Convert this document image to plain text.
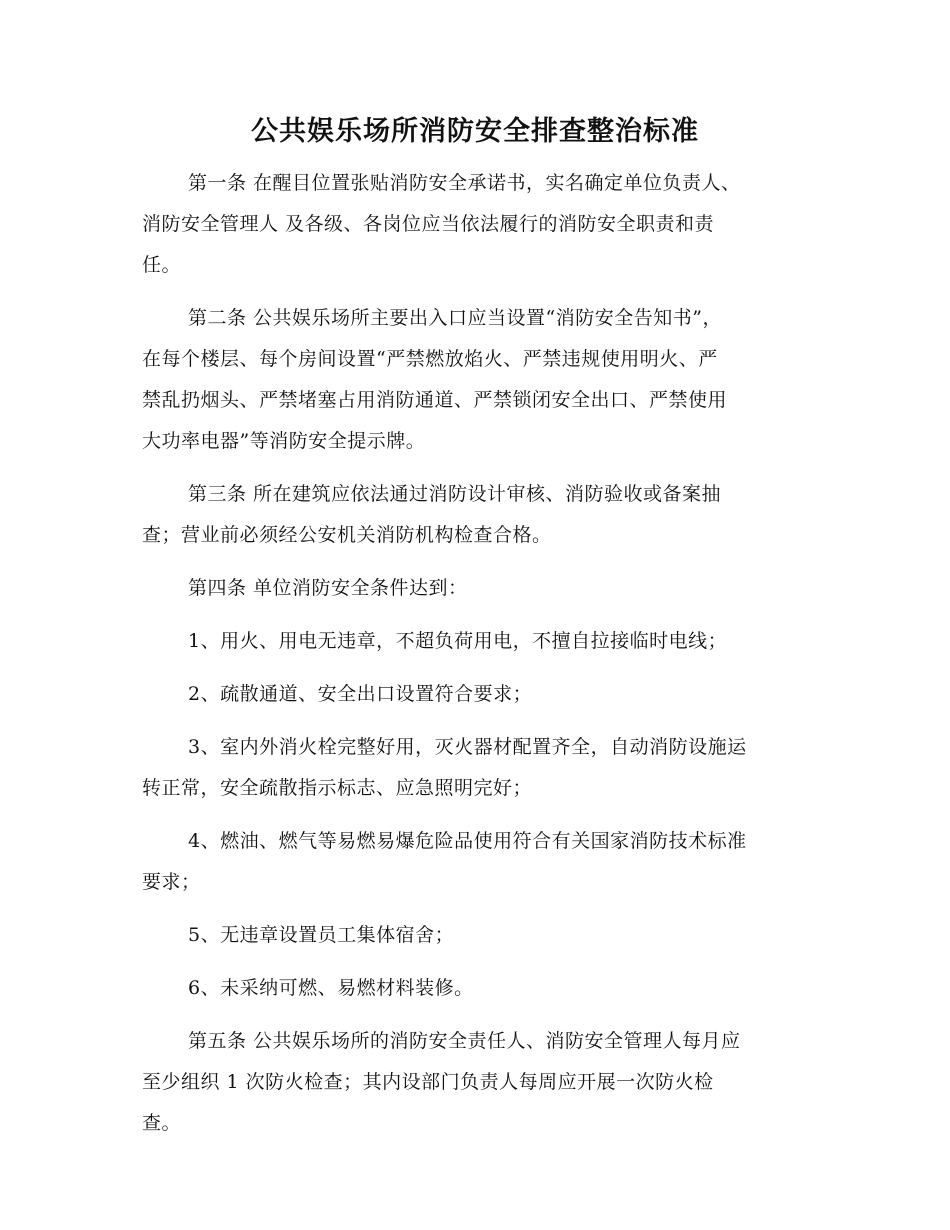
公共娱乐场所消防安全排查整治标准
第一条 在醒目位置张贴消防安全承诺书，实名确定单位负责人、
消防安全管理人 及各级、各岗位应当依法履行的消防安全职责和责
任。
第二条 公共娱乐场所主要出入口应当设置“消防安全告知书”，
在每个楼层、每个房间设置“严禁燃放焰火、严禁违规使用明火、严
禁乱扔烟头、严禁堵塞占用消防通道、严禁锁闭安全出口、严禁使用
大功率电器”等消防安全提示牌。
第三条 所在建筑应依法通过消防设计审核、消防验收或备案抽
查；营业前必须经公安机关消防机构检查合格。
第四条 单位消防安全条件达到：
1、用火、用电无违章，不超负荷用电，不擅自拉接临时电线；
2、疏散通道、安全出口设置符合要求；
3、室内外消火栓完整好用，灭火器材配置齐全，自动消防设施运
转正常，安全疏散指示标志、应急照明完好；
4、燃油、燃气等易燃易爆危险品使用符合有关国家消防技术标准
要求；
5、无违章设置员工集体宿舍；
6、未采纳可燃、易燃材料装修。
第五条 公共娱乐场所的消防安全责任人、消防安全管理人每月应
至少组织 1 次防火检查；其内设部门负责人每周应开展一次防火检
查。
